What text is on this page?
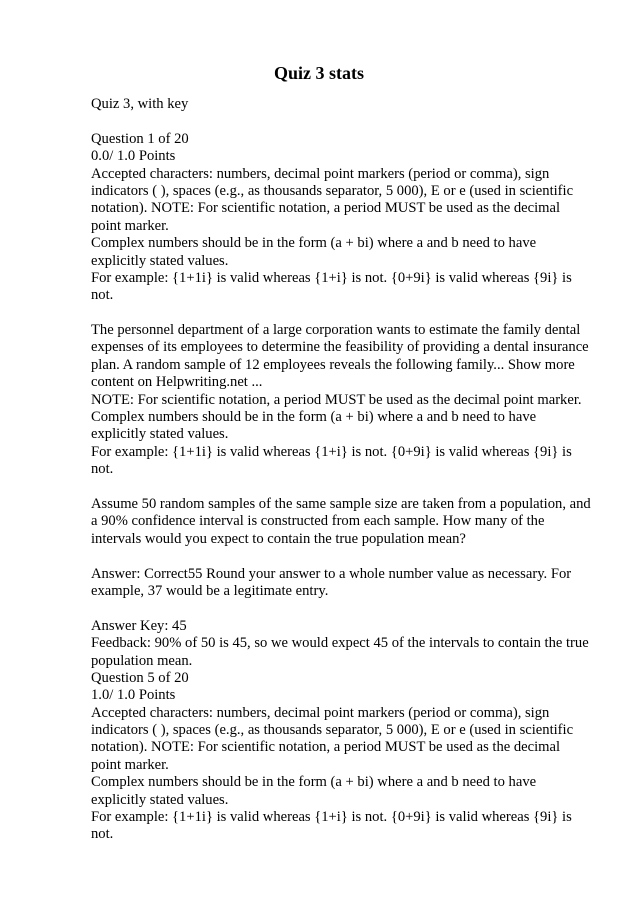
Quiz 3 stats
Quiz 3, with key
Question 1 of 20
0.0/ 1.0 Points
Accepted characters: numbers, decimal point markers (period or comma), sign
indicators ( ), spaces (e.g., as thousands separator, 5 000), E or e (used in scientific
notation). NOTE: For scientific notation, a period MUST be used as the decimal
point marker.
Complex numbers should be in the form (a + bi) where a and b need to have
explicitly stated values.
For example: {1+1i} is valid whereas {1+i} is not. {0+9i} is valid whereas {9i} is
not.
The personnel department of a large corporation wants to estimate the family dental
expenses of its employees to determine the feasibility of providing a dental insurance
plan. A random sample of 12 employees reveals the following family... Show more
content on Helpwriting.net ...
NOTE: For scientific notation, a period MUST be used as the decimal point marker.
Complex numbers should be in the form (a + bi) where a and b need to have
explicitly stated values.
For example: {1+1i} is valid whereas {1+i} is not. {0+9i} is valid whereas {9i} is
not.
Assume 50 random samples of the same sample size are taken from a population, and
a 90% confidence interval is constructed from each sample. How many of the
intervals would you expect to contain the true population mean?
Answer: Correct55 Round your answer to a whole number value as necessary. For
example, 37 would be a legitimate entry.
Answer Key: 45
Feedback: 90% of 50 is 45, so we would expect 45 of the intervals to contain the true
population mean.
Question 5 of 20
1.0/ 1.0 Points
Accepted characters: numbers, decimal point markers (period or comma), sign
indicators ( ), spaces (e.g., as thousands separator, 5 000), E or e (used in scientific
notation). NOTE: For scientific notation, a period MUST be used as the decimal
point marker.
Complex numbers should be in the form (a + bi) where a and b need to have
explicitly stated values.
For example: {1+1i} is valid whereas {1+i} is not. {0+9i} is valid whereas {9i} is
not.
